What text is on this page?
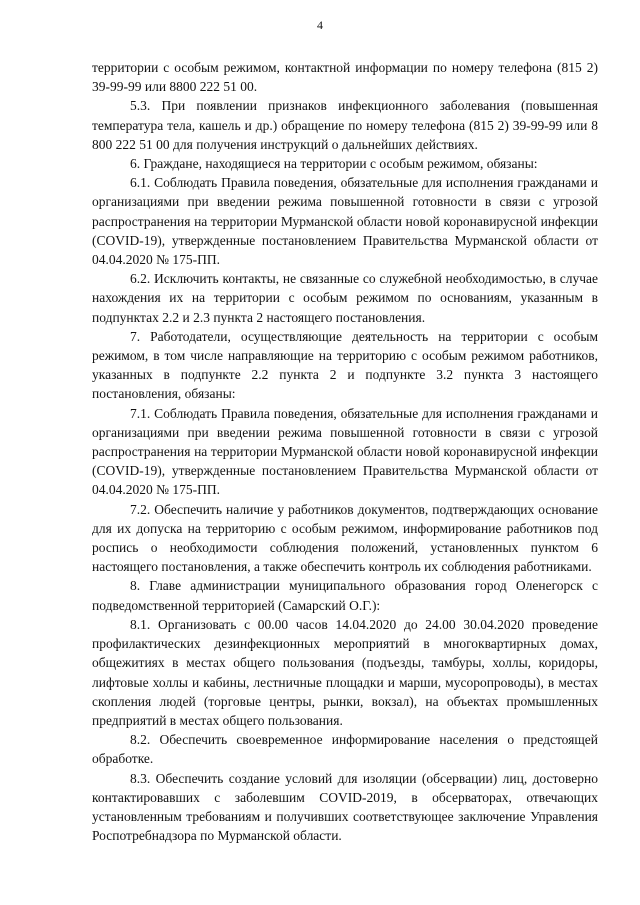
4

территории с особым режимом, контактной информации по номеру телефона (815 2) 39-99-99 или 8800 222 51 00.

5.3. При появлении признаков инфекционного заболевания (повышенная температура тела, кашель и др.) обращение по номеру телефона (815 2) 39-99-99 или 8 800 222 51 00 для получения инструкций о дальнейших действиях.

6. Граждане, находящиеся на территории с особым режимом, обязаны:

6.1. Соблюдать Правила поведения, обязательные для исполнения гражданами и организациями при введении режима повышенной готовности в связи с угрозой распространения на территории Мурманской области новой коронавирусной инфекции (COVID-19), утвержденные постановлением Правительства Мурманской области от 04.04.2020 № 175-ПП.

6.2. Исключить контакты, не связанные со служебной необходимостью, в случае нахождения их на территории с особым режимом по основаниям, указанным в подпунктах 2.2 и 2.3 пункта 2 настоящего постановления.

7. Работодатели, осуществляющие деятельность на территории с особым режимом, в том числе направляющие на территорию с особым режимом работников, указанных в подпункте 2.2 пункта 2 и подпункте 3.2 пункта 3 настоящего постановления, обязаны:

7.1. Соблюдать Правила поведения, обязательные для исполнения гражданами и организациями при введении режима повышенной готовности в связи с угрозой распространения на территории Мурманской области новой коронавирусной инфекции (COVID-19), утвержденные постановлением Правительства Мурманской области от 04.04.2020 № 175-ПП.

7.2. Обеспечить наличие у работников документов, подтверждающих основание для их допуска на территорию с особым режимом, информирование работников под роспись о необходимости соблюдения положений, установленных пунктом 6 настоящего постановления, а также обеспечить контроль их соблюдения работниками.

8. Главе администрации муниципального образования город Оленегорск с подведомственной территорией (Самарский О.Г.):

8.1. Организовать с 00.00 часов 14.04.2020 до 24.00 30.04.2020 проведение профилактических дезинфекционных мероприятий в многоквартирных домах, общежитиях в местах общего пользования (подъезды, тамбуры, холлы, коридоры, лифтовые холлы и кабины, лестничные площадки и марши, мусоропроводы), в местах скопления людей (торговые центры, рынки, вокзал), на объектах промышленных предприятий в местах общего пользования.

8.2. Обеспечить своевременное информирование населения о предстоящей обработке.

8.3. Обеспечить создание условий для изоляции (обсервации) лиц, достоверно контактировавших с заболевшим COVID-2019, в обсерваторах, отвечающих установленным требованиям и получивших соответствующее заключение Управления Роспотребнадзора по Мурманской области.
